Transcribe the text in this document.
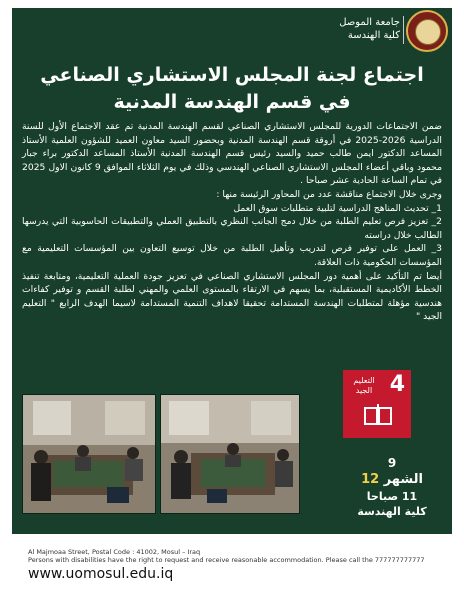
جامعة الموصل
كلية الهندسة
اجتماع لجنة المجلس الاستشاري الصناعي في قسم الهندسة المدنية

ضمن الاجتماعات الدورية للمجلس الاستشاري الصناعي لقسم الهندسة المدنية تم عقد الاجتماع الأول للسنة الدراسية 2026-2025 في أروقة قسم الهندسة المدنية وبحضور السيد معاون العميد للشؤون العلمية الأستاذ المساعد الدكتور ايمن طالب حميد والسيد رئيس قسم الهندسة المدنية الأستاذ المساعد الدكتور براء جبار محمود وباقي أعضاء المجلس الاستشاري الصناعي الهندسي وذلك في يوم الثلاثاء الموافق 9 كانون الاول 2025 في تمام الساعة الحادية عشر صباحا .

وجرى خلال الاجتماع مناقشة عدد من المحاور الرئيسة منها :

1_ تحديث المناهج الدراسية لتلبية متطلبات سوق العمل

2_ تعزيز فرص تعليم الطلبة من خلال دمج الجانب النظري بالتطبيق العملي والتطبيقات الحاسوبية التي يدرسها الطالب خلال دراسته

3_ العمل على توفير فرص لتدريب وتأهيل الطلبة من خلال توسيع التعاون بين المؤسسات التعليمية مع المؤسسات الحكومية ذات العلاقة.

أيضا تم التأكيد على أهمية دور المجلس الاستشاري الصناعي في تعزيز جودة العملية التعليمية، ومتابعة تنفيذ الخطط الأكاديمية المستقبلية، بما يسهم في الارتقاء بالمستوى العلمي والمهني لطلبة القسم و توفير كفاءات هندسية مؤهلة لمتطلبات الهندسة المستدامة تحقيقا لاهداف التنمية المستدامة لاسيما الهدف الرابع " التعليم الجيد "

التعليم الجيد 4
9
الشهر 12
11 صباحا
كلية الهندسة
Al Majmoaa Street, Postal Code : 41002, Mosul – Iraq
Persons with disabilities have the right to request and receive reasonable accommodation. Please call the 777777777777
www.uomosul.edu.iq
